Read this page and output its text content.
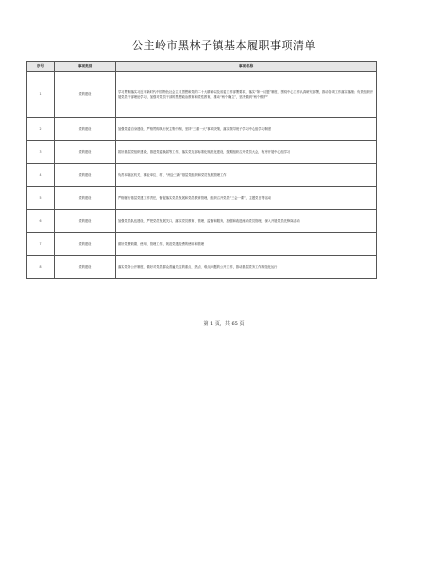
公主岭市黑林子镇基本履职事项清单
序号	事项类别	事项名称
1	党的建设	学习贯彻落实习近平新时代中国特色社会主义思想和党的二十大精神以及省委工作部署要求，落实“第一议题”制度，围绕中心工作认真研究部署，推动各项工作落实落细；负责组织开展党员干部理论学习，加强对党员干部的思想政治教育和党性教育，推动“两个确立”，坚决做到“两个维护”
2	党的建设	加强党委自身建设，严格贯彻执行民主集中制，坚持“三重一大”事项决策，落实领导班子学习中心组学习制度
3	党的建设	抓好基层党组织建设，推进党委换届等工作，落实党支部标准化规范化建设，按期组织召开党员大会，有序开展中心组学习
4	党的建设	负责本辖区机关、事业单位、村、“两企三新”基层党组织和党员发展管理工作
5	党的建设	严格履行基层党建工作责任，督促落实党员发展和党员教育管理，组织召开党员“三会一课”，主题党日等活动
6	党的建设	加强党员队伍建设，严把党员发展关口，落实党员教育、管理、监督和服务，加强和改进流动党员管理，深入开展党员先锋岗活动
7	党的建设	做好党费收缴、使用、管理工作，规范党建经费的使用和管理
8	党的建设	落实党务公开制度，做好对党员群众普遍关注的重点、热点、难点问题的公开工作，推动基层党务工作规范化运行
第 1 页，共 65 页
